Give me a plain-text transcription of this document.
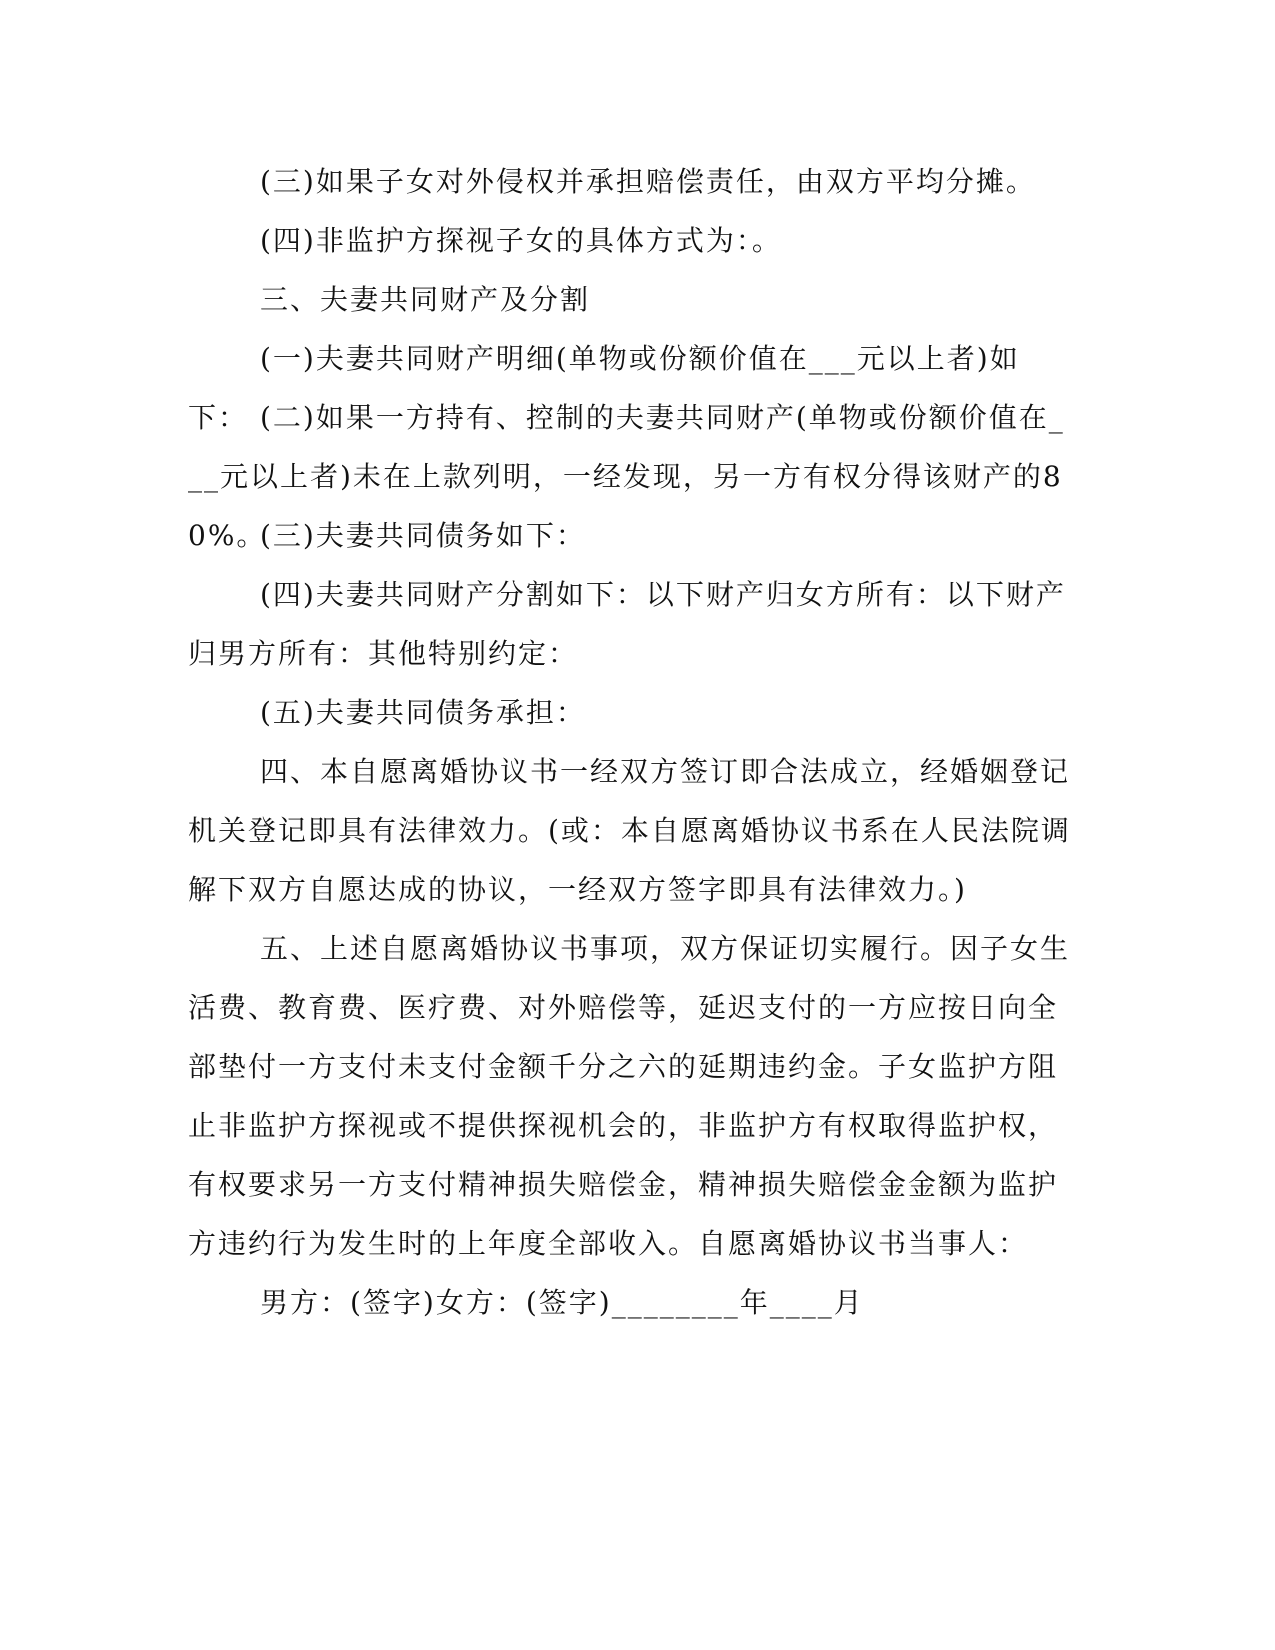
(三)如果子女对外侵权并承担赔偿责任，由双方平均分摊。

(四)非监护方探视子女的具体方式为：。

三、夫妻共同财产及分割

(一)夫妻共同财产明细(单物或份额价值在___元以上者)如下： (二)如果一方持有、控制的夫妻共同财产(单物或份额价值在___元以上者)未在上款列明，一经发现，另一方有权分得该财产的80%。

(三)夫妻共同债务如下：

(四)夫妻共同财产分割如下：以下财产归女方所有：以下财产归男方所有：其他特别约定：

(五)夫妻共同债务承担：

四、本自愿离婚协议书一经双方签订即合法成立，经婚姻登记机关登记即具有法律效力。(或：本自愿离婚协议书系在人民法院调解下双方自愿达成的协议，一经双方签字即具有法律效力。)

五、上述自愿离婚协议书事项，双方保证切实履行。因子女生活费、教育费、医疗费、对外赔偿等，延迟支付的一方应按日向全部垫付一方支付未支付金额千分之六的延期违约金。子女监护方阻止非监护方探视或不提供探视机会的，非监护方有权取得监护权，有权要求另一方支付精神损失赔偿金，精神损失赔偿金金额为监护方违约行为发生时的上年度全部收入。自愿离婚协议书当事人：

男方：(签字)女方：(签字)________年____月
